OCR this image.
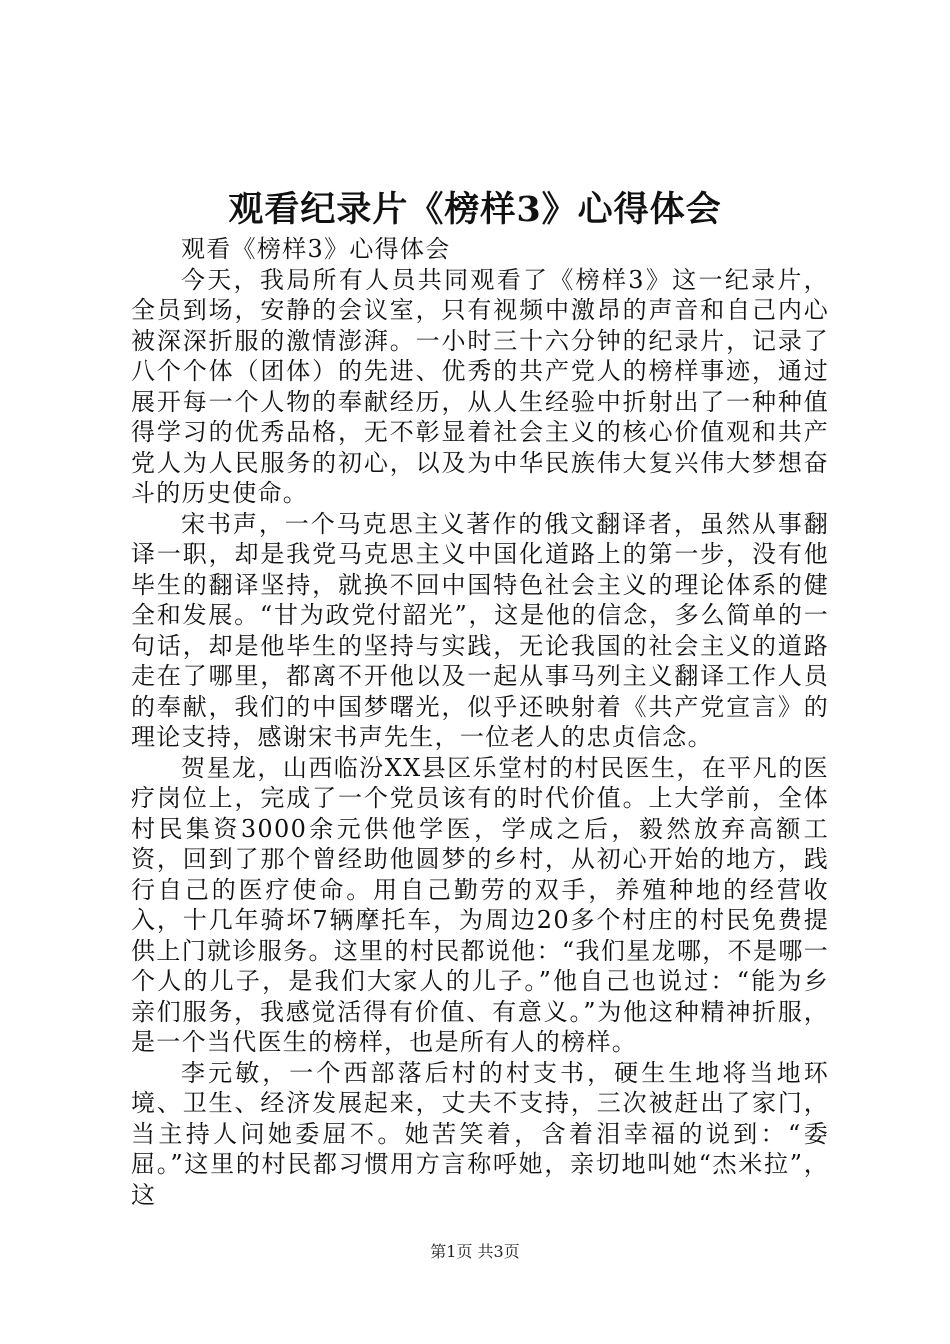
观看纪录片《榜样3》心得体会

观看《榜样3》心得体会

今天，我局所有人员共同观看了《榜样3》这一纪录片，全员到场，安静的会议室，只有视频中激昂的声音和自己内心被深深折服的激情澎湃。一小时三十六分钟的纪录片，记录了八个个体（团体）的先进、优秀的共产党人的榜样事迹，通过展开每一个人物的奉献经历，从人生经验中折射出了一种种值得学习的优秀品格，无不彰显着社会主义的核心价值观和共产党人为人民服务的初心，以及为中华民族伟大复兴伟大梦想奋斗的历史使命。

宋书声，一个马克思主义著作的俄文翻译者，虽然从事翻译一职，却是我党马克思主义中国化道路上的第一步，没有他毕生的翻译坚持，就换不回中国特色社会主义的理论体系的健全和发展。“甘为政党付韶光”，这是他的信念，多么简单的一句话，却是他毕生的坚持与实践，无论我国的社会主义的道路走在了哪里，都离不开他以及一起从事马列主义翻译工作人员的奉献，我们的中国梦曙光，似乎还映射着《共产党宣言》的理论支持，感谢宋书声先生，一位老人的忠贞信念。

贺星龙，山西临汾XX县区乐堂村的村民医生，在平凡的医疗岗位上，完成了一个党员该有的时代价值。上大学前，全体村民集资3000余元供他学医，学成之后，毅然放弃高额工资，回到了那个曾经助他圆梦的乡村，从初心开始的地方，践行自己的医疗使命。用自己勤劳的双手，养殖种地的经营收入，十几年骑坏7辆摩托车，为周边20多个村庄的村民免费提供上门就诊服务。这里的村民都说他：“我们星龙哪，不是哪一个人的儿子，是我们大家人的儿子。”他自己也说过：“能为乡亲们服务，我感觉活得有价值、有意义。”为他这种精神折服，是一个当代医生的榜样，也是所有人的榜样。

李元敏，一个西部落后村的村支书，硬生生地将当地环境、卫生、经济发展起来，丈夫不支持，三次被赶出了家门，当主持人问她委屈不。她苦笑着，含着泪幸福的说到：“委屈。”这里的村民都习惯用方言称呼她，亲切地叫她“杰米拉”，这

第1页 共3页
